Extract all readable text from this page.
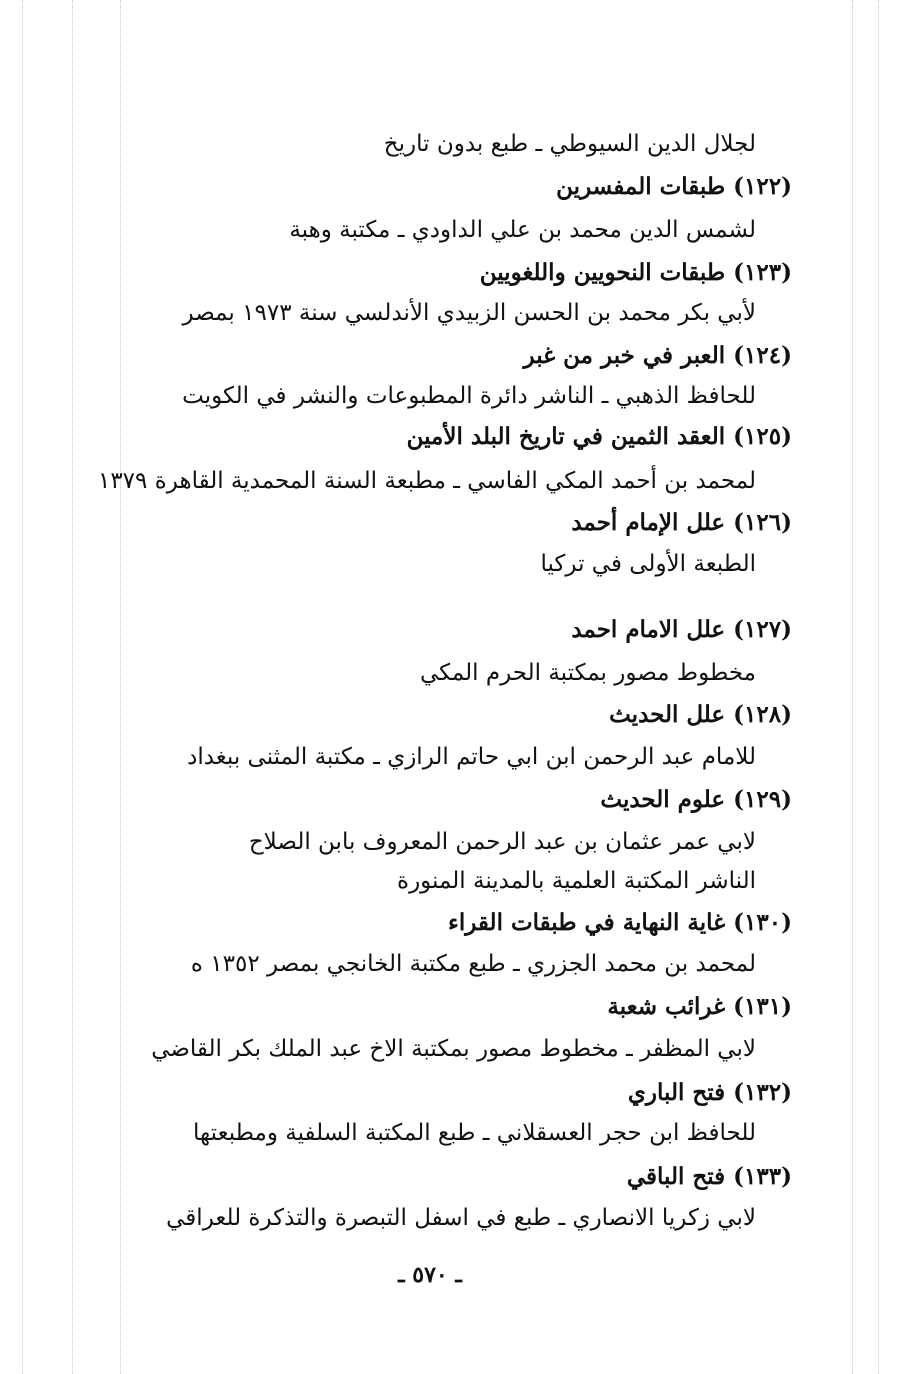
لجلال الدين السيوطي ـ طبع بدون تاريخ
(١٢٢) طبقات المفسرين
لشمس الدين محمد بن علي الداودي ـ مكتبة وهبة
(١٢٣) طبقات النحويين واللغويين
لأبي بكر محمد بن الحسن الزبيدي الأندلسي سنة ١٩٧٣ بمصر
(١٢٤) العبر في خبر من غبر
للحافظ الذهبي ـ الناشر دائرة المطبوعات والنشر في الكويت
(١٢٥) العقد الثمين في تاريخ البلد الأمين
لمحمد بن أحمد المكي الفاسي ـ مطبعة السنة المحمدية القاهرة ١٣٧٩
(١٢٦) علل الإمام أحمد
الطبعة الأولى في تركيا
(١٢٧) علل الامام احمد
مخطوط مصور بمكتبة الحرم المكي
(١٢٨) علل الحديث
للامام عبد الرحمن ابن ابي حاتم الرازي ـ مكتبة المثنى ببغداد
(١٢٩) علوم الحديث
لابي عمر عثمان بن عبد الرحمن المعروف بابن الصلاح
الناشر المكتبة العلمية بالمدينة المنورة
(١٣٠) غاية النهاية في طبقات القراء
لمحمد بن محمد الجزري ـ طبع مكتبة الخانجي بمصر ١٣٥٢ ه
(١٣١) غرائب شعبة
لابي المظفر ـ مخطوط مصور بمكتبة الاخ عبد الملك بكر القاضي
(١٣٢) فتح الباري
للحافظ ابن حجر العسقلاني ـ طبع المكتبة السلفية ومطبعتها
(١٣٣) فتح الباقي
لابي زكريا الانصاري ـ طبع في اسفل التبصرة والتذكرة للعراقي
ـ ٥٧٠ ـ
